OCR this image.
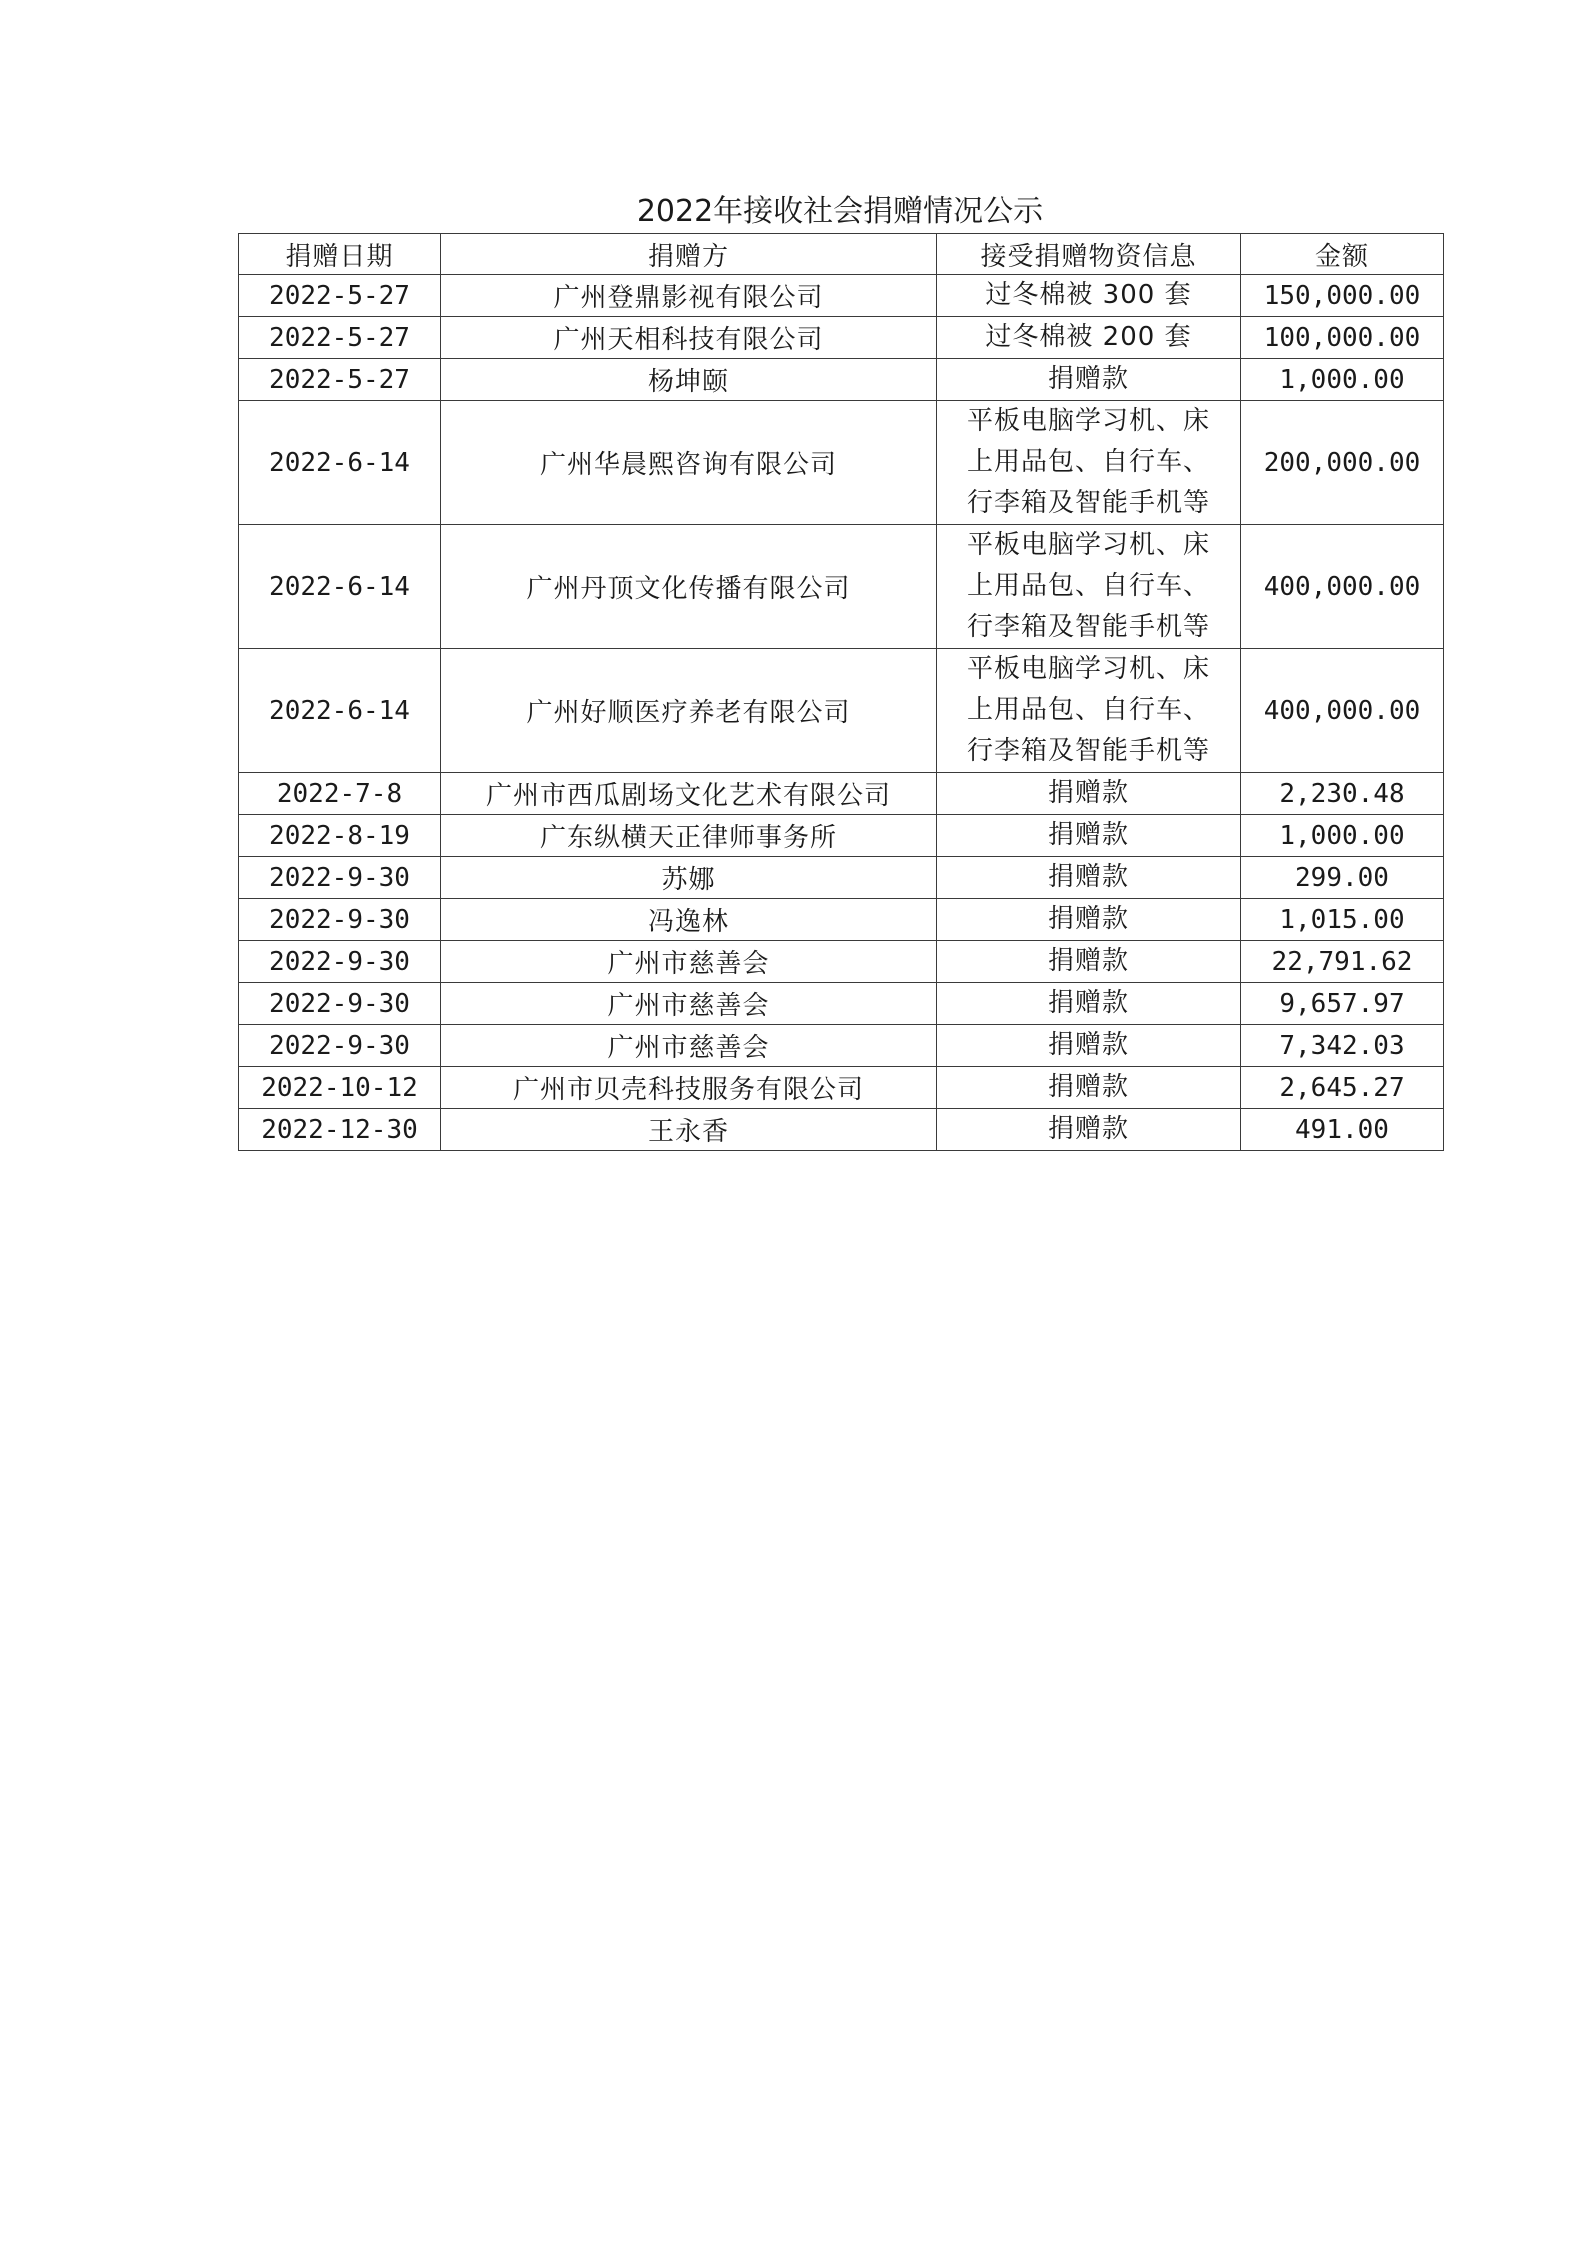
2022年接收社会捐赠情况公示
捐赠日期	捐赠方	接受捐赠物资信息	金额
2022-5-27	广州登鼎影视有限公司	过冬棉被 300 套	150,000.00
2022-5-27	广州天相科技有限公司	过冬棉被 200 套	100,000.00
2022-5-27	杨坤颐	捐赠款	1,000.00
2022-6-14	广州华晨熙咨询有限公司	平板电脑学习机、床
上用品包、自行车、
行李箱及智能手机等	200,000.00
2022-6-14	广州丹顶文化传播有限公司	平板电脑学习机、床
上用品包、自行车、
行李箱及智能手机等	400,000.00
2022-6-14	广州好顺医疗养老有限公司	平板电脑学习机、床
上用品包、自行车、
行李箱及智能手机等	400,000.00
2022-7-8	广州市西瓜剧场文化艺术有限公司	捐赠款	2,230.48
2022-8-19	广东纵横天正律师事务所	捐赠款	1,000.00
2022-9-30	苏娜	捐赠款	299.00
2022-9-30	冯逸林	捐赠款	1,015.00
2022-9-30	广州市慈善会	捐赠款	22,791.62
2022-9-30	广州市慈善会	捐赠款	9,657.97
2022-9-30	广州市慈善会	捐赠款	7,342.03
2022-10-12	广州市贝壳科技服务有限公司	捐赠款	2,645.27
2022-12-30	王永香	捐赠款	491.00
